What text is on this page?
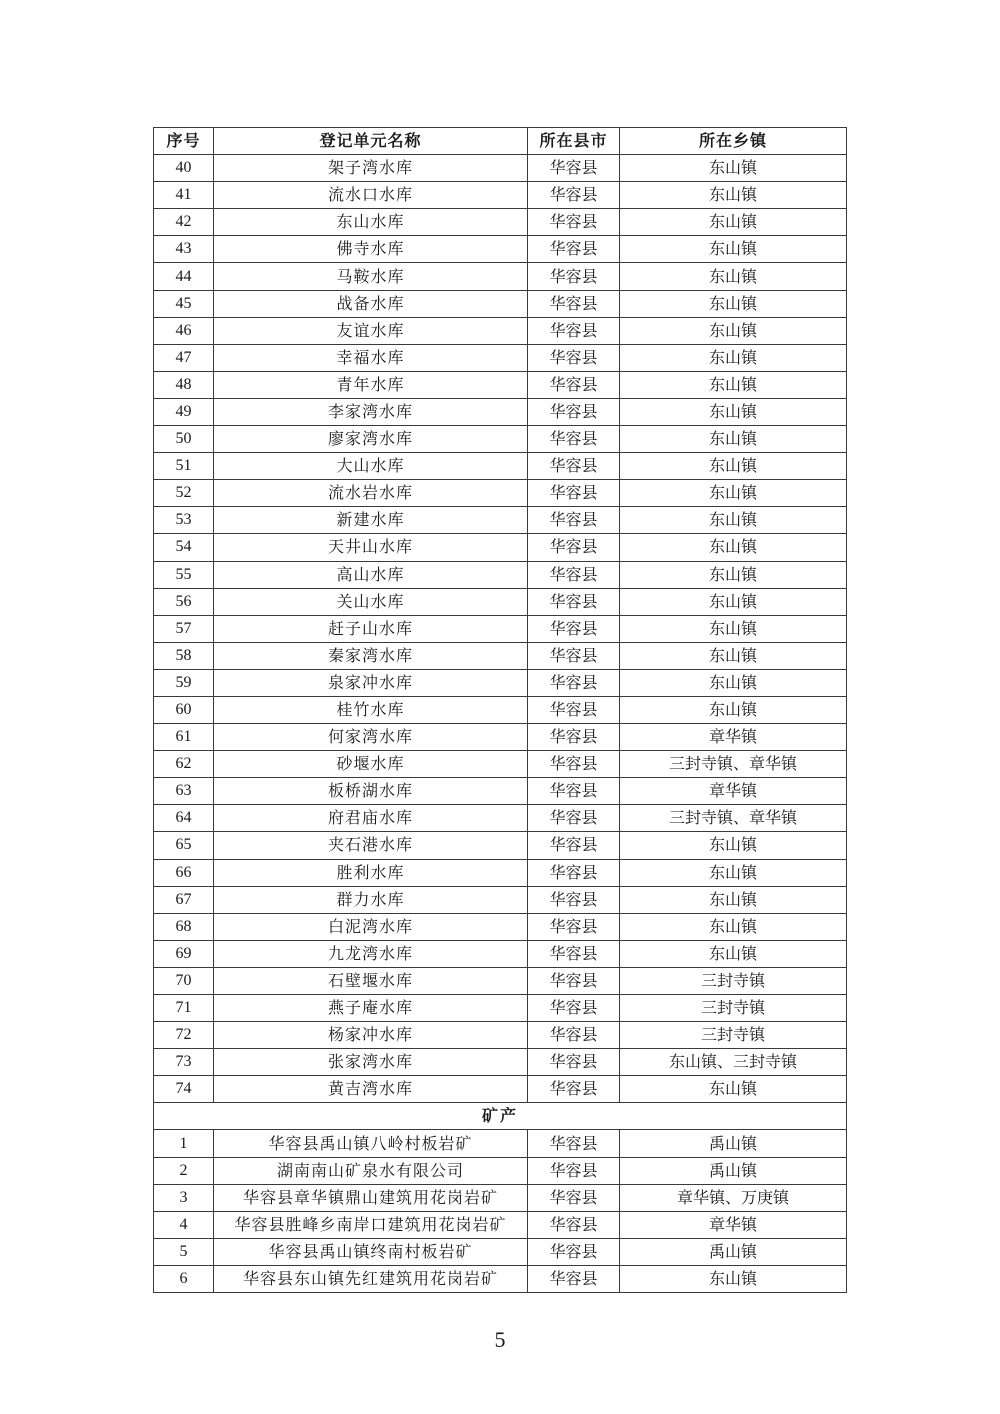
序号	登记单元名称	所在县市	所在乡镇
40	架子湾水库	华容县	东山镇
41	流水口水库	华容县	东山镇
42	东山水库	华容县	东山镇
43	佛寺水库	华容县	东山镇
44	马鞍水库	华容县	东山镇
45	战备水库	华容县	东山镇
46	友谊水库	华容县	东山镇
47	幸福水库	华容县	东山镇
48	青年水库	华容县	东山镇
49	李家湾水库	华容县	东山镇
50	廖家湾水库	华容县	东山镇
51	大山水库	华容县	东山镇
52	流水岩水库	华容县	东山镇
53	新建水库	华容县	东山镇
54	天井山水库	华容县	东山镇
55	高山水库	华容县	东山镇
56	关山水库	华容县	东山镇
57	赶子山水库	华容县	东山镇
58	秦家湾水库	华容县	东山镇
59	泉家冲水库	华容县	东山镇
60	桂竹水库	华容县	东山镇
61	何家湾水库	华容县	章华镇
62	砂堰水库	华容县	三封寺镇、章华镇
63	板桥湖水库	华容县	章华镇
64	府君庙水库	华容县	三封寺镇、章华镇
65	夹石港水库	华容县	东山镇
66	胜利水库	华容县	东山镇
67	群力水库	华容县	东山镇
68	白泥湾水库	华容县	东山镇
69	九龙湾水库	华容县	东山镇
70	石壁堰水库	华容县	三封寺镇
71	燕子庵水库	华容县	三封寺镇
72	杨家冲水库	华容县	三封寺镇
73	张家湾水库	华容县	东山镇、三封寺镇
74	黄吉湾水库	华容县	东山镇
矿产			
1	华容县禹山镇八岭村板岩矿	华容县	禹山镇
2	湖南南山矿泉水有限公司	华容县	禹山镇
3	华容县章华镇鼎山建筑用花岗岩矿	华容县	章华镇、万庚镇
4	华容县胜峰乡南岸口建筑用花岗岩矿	华容县	章华镇
5	华容县禹山镇终南村板岩矿	华容县	禹山镇
6	华容县东山镇先红建筑用花岗岩矿	华容县	东山镇
5
